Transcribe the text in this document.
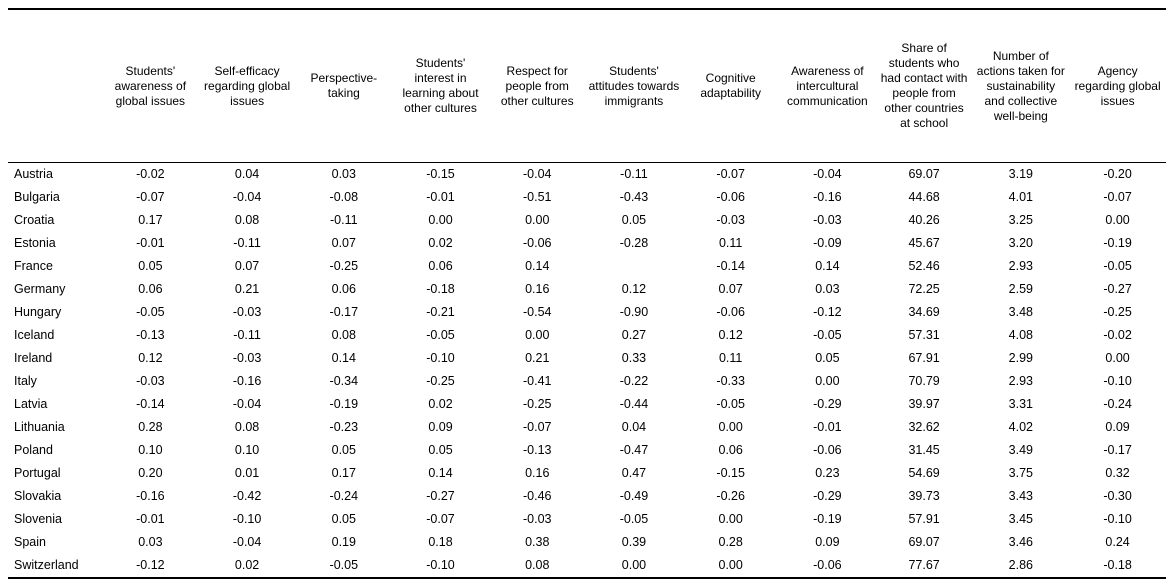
	Students' awareness of global issues	Self-efficacy regarding global issues	Perspective-taking	Students' interest in learning about other cultures	Respect for people from other cultures	Students' attitudes towards immigrants	Cognitive adaptability	Awareness of intercultural communication	Share of students who had contact with people from other countries at school	Number of actions taken for sustainability and collective well-being	Agency regarding global issues
Austria	-0.02	0.04	0.03	-0.15	-0.04	-0.11	-0.07	-0.04	69.07	3.19	-0.20
Bulgaria	-0.07	-0.04	-0.08	-0.01	-0.51	-0.43	-0.06	-0.16	44.68	4.01	-0.07
Croatia	0.17	0.08	-0.11	0.00	0.00	0.05	-0.03	-0.03	40.26	3.25	0.00
Estonia	-0.01	-0.11	0.07	0.02	-0.06	-0.28	0.11	-0.09	45.67	3.20	-0.19
France	0.05	0.07	-0.25	0.06	0.14		-0.14	0.14	52.46	2.93	-0.05
Germany	0.06	0.21	0.06	-0.18	0.16	0.12	0.07	0.03	72.25	2.59	-0.27
Hungary	-0.05	-0.03	-0.17	-0.21	-0.54	-0.90	-0.06	-0.12	34.69	3.48	-0.25
Iceland	-0.13	-0.11	0.08	-0.05	0.00	0.27	0.12	-0.05	57.31	4.08	-0.02
Ireland	0.12	-0.03	0.14	-0.10	0.21	0.33	0.11	0.05	67.91	2.99	0.00
Italy	-0.03	-0.16	-0.34	-0.25	-0.41	-0.22	-0.33	0.00	70.79	2.93	-0.10
Latvia	-0.14	-0.04	-0.19	0.02	-0.25	-0.44	-0.05	-0.29	39.97	3.31	-0.24
Lithuania	0.28	0.08	-0.23	0.09	-0.07	0.04	0.00	-0.01	32.62	4.02	0.09
Poland	0.10	0.10	0.05	0.05	-0.13	-0.47	0.06	-0.06	31.45	3.49	-0.17
Portugal	0.20	0.01	0.17	0.14	0.16	0.47	-0.15	0.23	54.69	3.75	0.32
Slovakia	-0.16	-0.42	-0.24	-0.27	-0.46	-0.49	-0.26	-0.29	39.73	3.43	-0.30
Slovenia	-0.01	-0.10	0.05	-0.07	-0.03	-0.05	0.00	-0.19	57.91	3.45	-0.10
Spain	0.03	-0.04	0.19	0.18	0.38	0.39	0.28	0.09	69.07	3.46	0.24
Switzerland	-0.12	0.02	-0.05	-0.10	0.08	0.00	0.00	-0.06	77.67	2.86	-0.18
